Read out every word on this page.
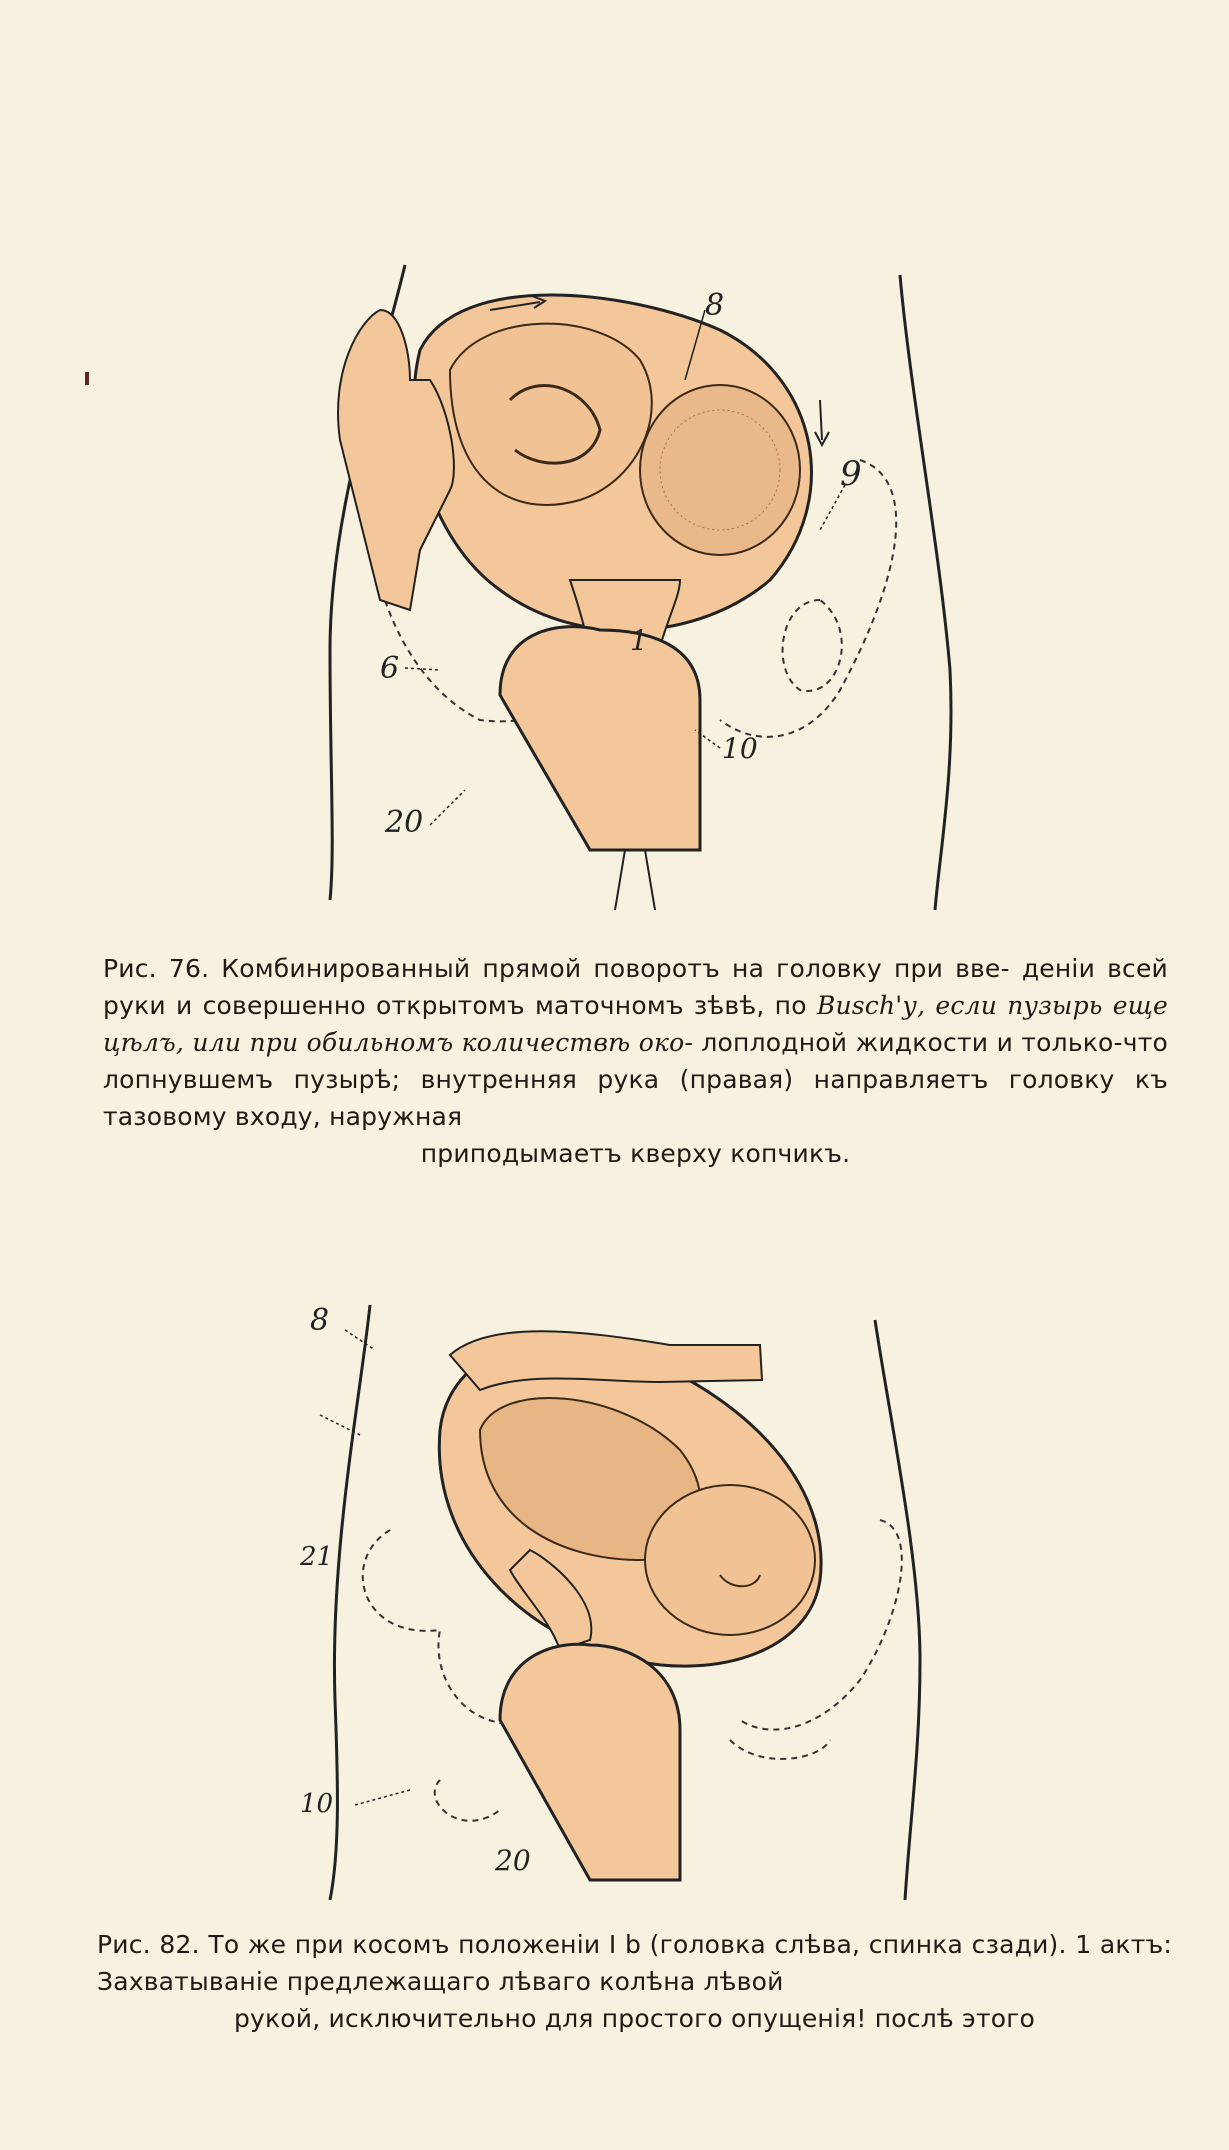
8
9
6
1
10
20
Рис. 76. Комбинированный прямой поворотъ на головку при вве- деніи всей руки и совершенно открытомъ маточномъ зѣвѣ, по Busch'у, если пузырь еще цѣлъ, или при обильномъ количествѣ око- лоплодной жидкости и только-что лопнувшемъ пузырѣ; внутренняя рука (правая) направляетъ головку къ тазовому входу, наружная
приподымаетъ кверху копчикъ.
8
21
10
20
Рис. 82. То же при косомъ положеніи I b (головка слѣва, спинка сзади). 1 актъ: Захватываніе предлежащаго лѣваго колѣна лѣвой
рукой, исключительно для простого опущенія! послѣ этого
